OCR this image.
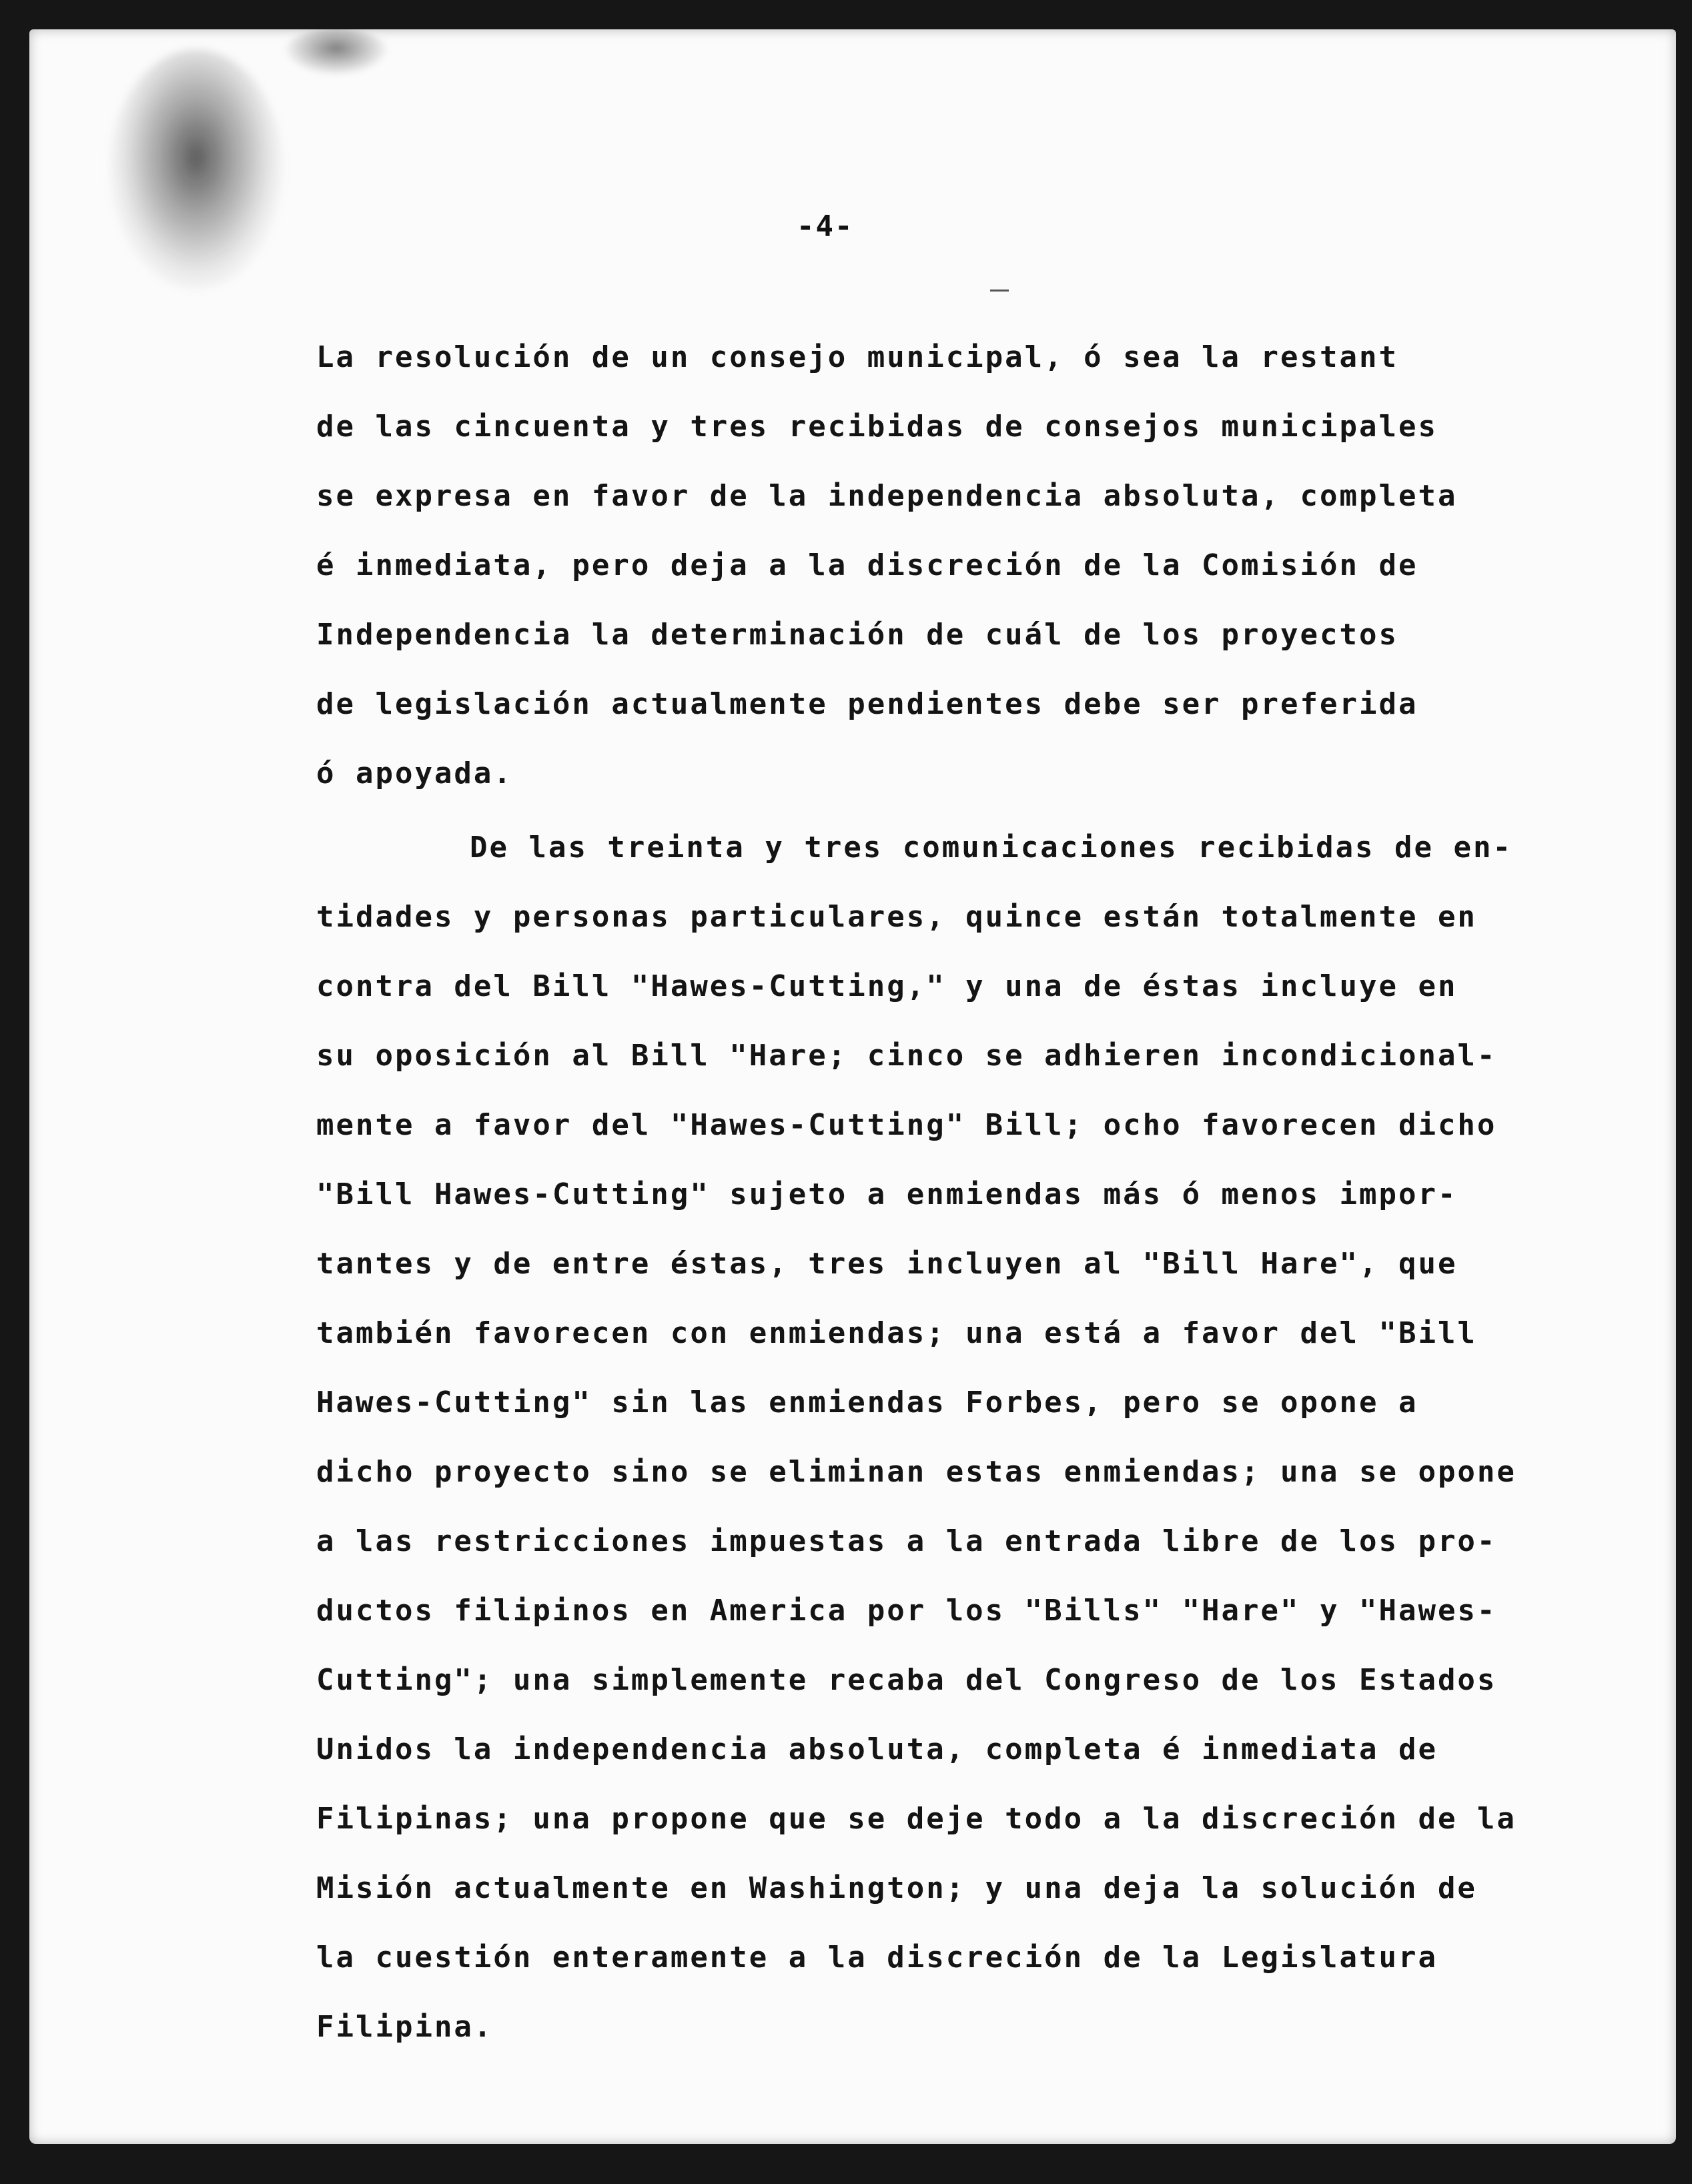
-4-
La resolución de un consejo municipal, ó sea la restant
de las cincuenta y tres recibidas de consejos municipales
se expresa en favor de la independencia absoluta, completa
é inmediata, pero deja a la discreción de la Comisión de
Independencia la determinación de cuál de los proyectos
de legislación actualmente pendientes debe ser preferida
ó apoyada.
De las treinta y tres comunicaciones recibidas de en-
tidades y personas particulares, quince están totalmente en
contra del Bill "Hawes-Cutting," y una de éstas incluye en
su oposición al Bill "Hare; cinco se adhieren incondicional-
mente a favor del "Hawes-Cutting" Bill; ocho favorecen dicho
"Bill Hawes-Cutting" sujeto a enmiendas más ó menos impor-
tantes y de entre éstas, tres incluyen al "Bill Hare", que
también favorecen con enmiendas; una está a favor del "Bill
Hawes-Cutting" sin las enmiendas Forbes, pero se opone a
dicho proyecto sino se eliminan estas enmiendas; una se opone
a las restricciones impuestas a la entrada libre de los pro-
ductos filipinos en America por los "Bills" "Hare" y "Hawes-
Cutting"; una simplemente recaba del Congreso de los Estados
Unidos la independencia absoluta, completa é inmediata de
Filipinas; una propone que se deje todo a la discreción de la
Misión actualmente en Washington; y una deja la solución de
la cuestión enteramente a la discreción de la Legislatura
Filipina.
